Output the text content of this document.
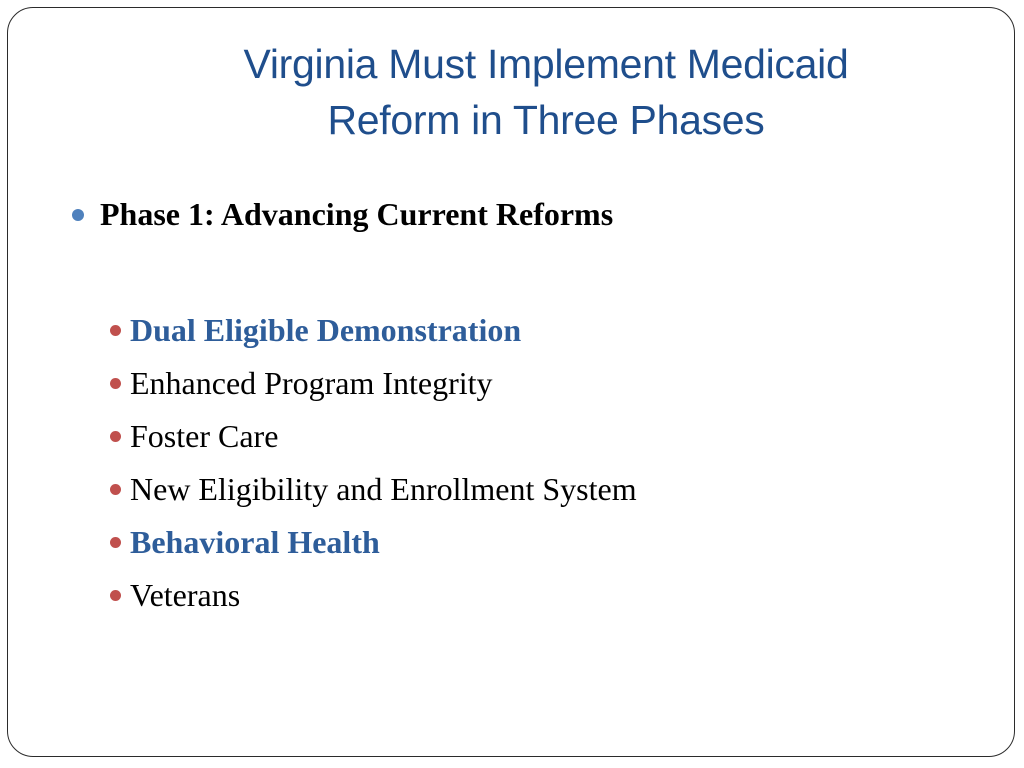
Virginia Must Implement Medicaid
Reform in Three Phases
Phase 1: Advancing Current Reforms
Dual Eligible Demonstration
Enhanced Program Integrity
Foster Care
New Eligibility and Enrollment System
Behavioral Health
Veterans
